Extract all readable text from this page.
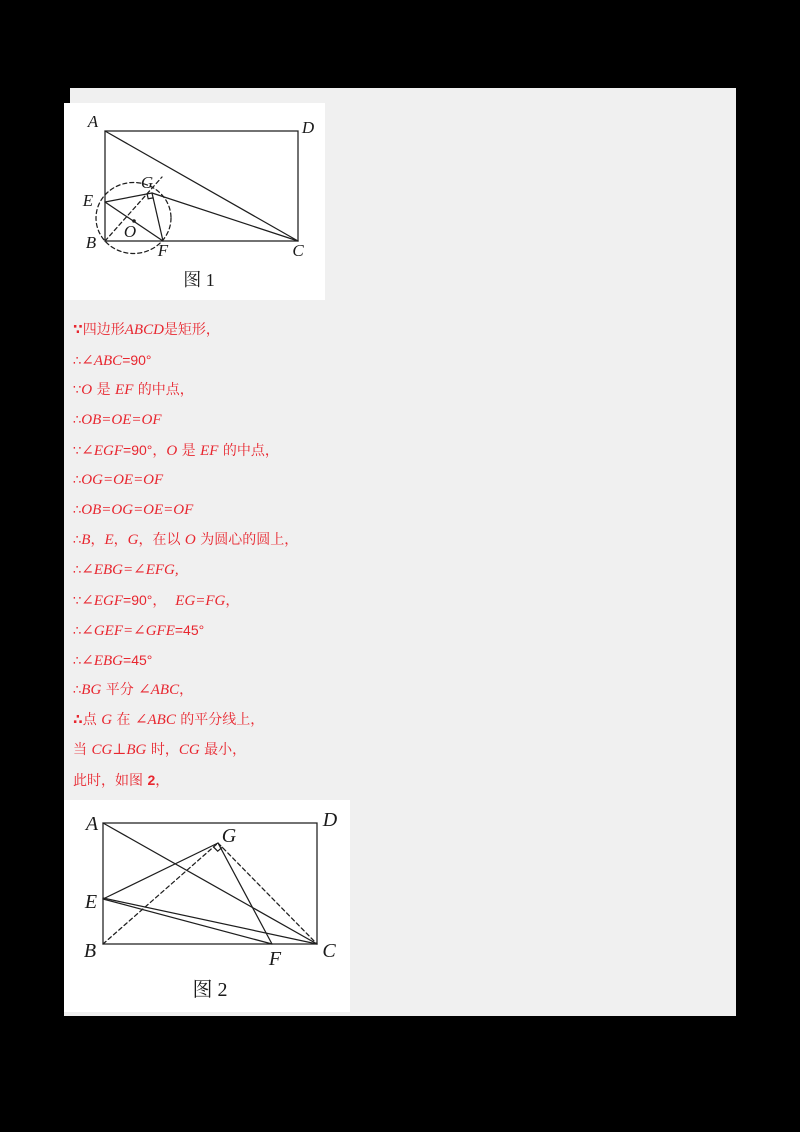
A	D
E
G
O
B	F	C
图 1
∵四边形ABCD是矩形，
∴∠ABC=90°
∵O 是 EF 的中点，
∴OB=OE=OF
∵∠EGF=90°，O 是 EF 的中点，
∴OG=OE=OF
∴OB=OG=OE=OF
∴B，E，G，在以 O 为圆心的圆上，
∴∠EBG=∠EFG,
∵∠EGF=90°，  EG=FG，
∴∠GEF=∠GFE=45°
∴∠EBG=45°
∴BG 平分 ∠ABC，
∴点 G 在 ∠ABC 的平分线上，
当 CG⊥BG 时，CG 最小，
此时，如图 2，
A	D
G
E
B	F C
图 2
